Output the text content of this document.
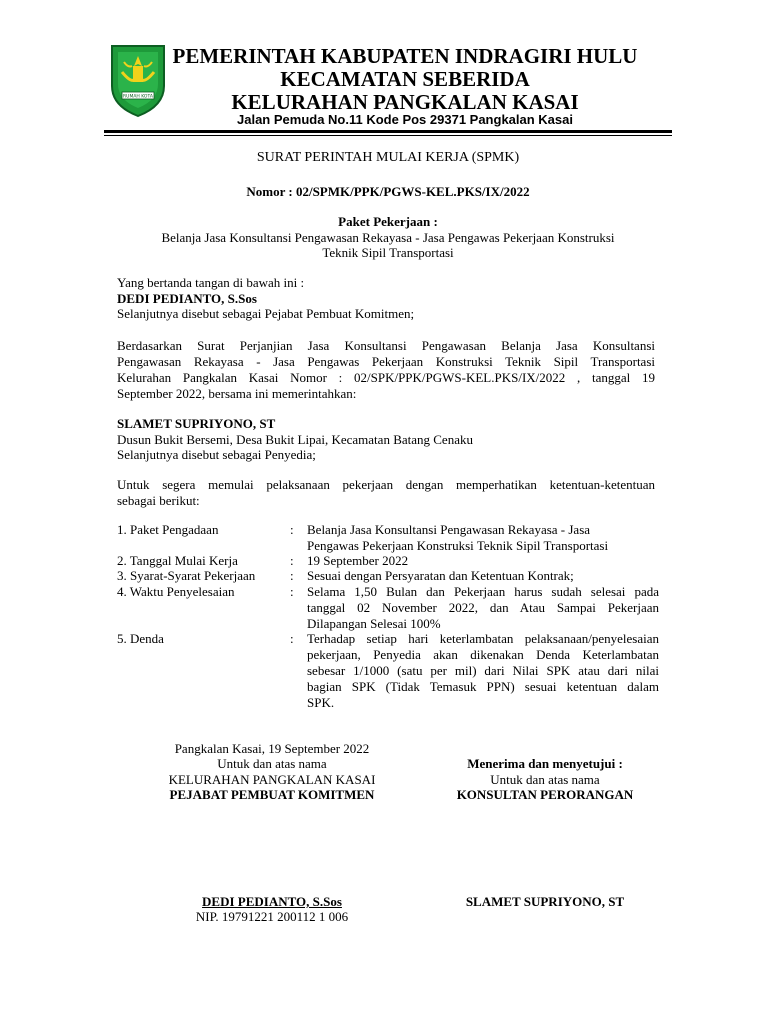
RUMAH KOTA
PEMERINTAH KABUPATEN INDRAGIRI HULU
KECAMATAN SEBERIDA
KELURAHAN PANGKALAN KASAI
Jalan Pemuda No.11 Kode Pos 29371 Pangkalan Kasai
SURAT PERINTAH MULAI KERJA (SPMK)
Nomor : 02/SPMK/PPK/PGWS-KEL.PKS/IX/2022
Paket Pekerjaan :
Belanja Jasa Konsultansi Pengawasan Rekayasa - Jasa Pengawas Pekerjaan Konstruksi
Teknik Sipil Transportasi
Yang bertanda tangan di bawah ini :
DEDI PEDIANTO, S.Sos
Selanjutnya disebut sebagai Pejabat Pembuat Komitmen;
Berdasarkan Surat Perjanjian Jasa Konsultansi Pengawasan Belanja Jasa Konsultansi
Pengawasan Rekayasa - Jasa Pengawas Pekerjaan Konstruksi Teknik Sipil Transportasi
Kelurahan Pangkalan Kasai Nomor : 02/SPK/PPK/PGWS-KEL.PKS/IX/2022 , tanggal 19
September 2022, bersama ini memerintahkan:
SLAMET SUPRIYONO, ST
Dusun Bukit Bersemi, Desa Bukit Lipai, Kecamatan Batang Cenaku
Selanjutnya disebut sebagai Penyedia;
Untuk segera memulai pelaksanaan pekerjaan dengan memperhatikan ketentuan-ketentuan
sebagai berikut:
1. Paket Pengadaan	: Belanja Jasa Konsultansi Pengawasan Rekayasa - Jasa
Pengawas Pekerjaan Konstruksi Teknik Sipil Transportasi
2. Tanggal Mulai Kerja	: 19 September 2022
3. Syarat-Syarat Pekerjaan	: Sesuai dengan Persyaratan dan Ketentuan Kontrak;
4. Waktu Penyelesaian	: Selama 1,50 Bulan dan Pekerjaan harus sudah selesai pada
tanggal 02 November 2022, dan Atau Sampai Pekerjaan
Dilapangan Selesai 100%
5. Denda	: Terhadap setiap hari keterlambatan pelaksanaan/penyelesaian
pekerjaan, Penyedia akan dikenakan Denda Keterlambatan
sebesar 1/1000 (satu per mil) dari Nilai SPK atau dari nilai
bagian SPK (Tidak Temasuk PPN) sesuai ketentuan dalam
SPK.
Pangkalan Kasai, 19 September 2022
Untuk dan atas nama
KELURAHAN PANGKALAN KASAI
PEJABAT PEMBUAT KOMITMEN
DEDI PEDIANTO, S.Sos
NIP. 19791221 200112 1 006
Menerima dan menyetujui :
Untuk dan atas nama
KONSULTAN PERORANGAN
SLAMET SUPRIYONO, ST
